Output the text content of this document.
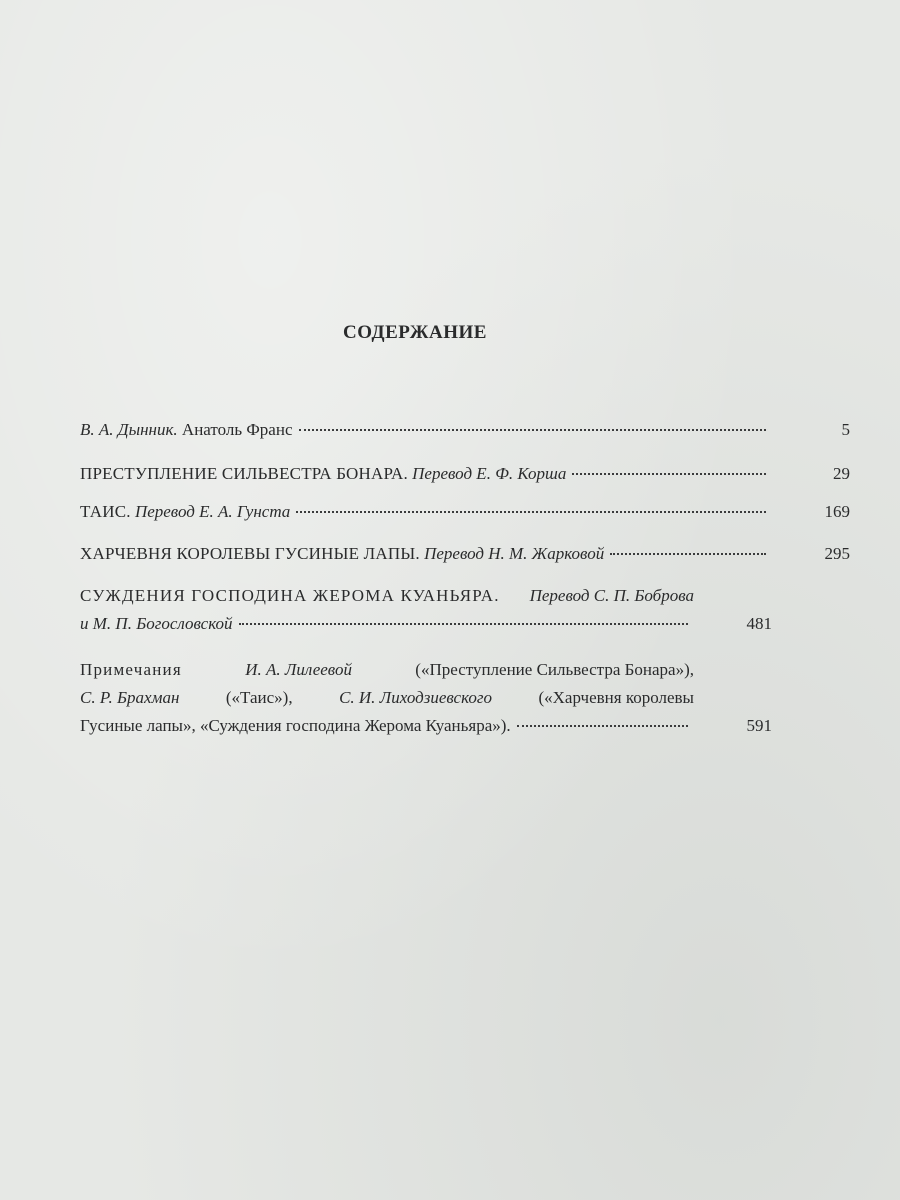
СОДЕРЖАНИЕ
В. А. Дынник. Анатоль Франс	5
ПРЕСТУПЛЕНИЕ СИЛЬВЕСТРА БОНАРА. Перевод Е. Ф. Корша	29
ТАИС. Перевод Е. А. Гунста	169
ХАРЧЕВНЯ КОРОЛЕВЫ ГУСИНЫЕ ЛАПЫ. Перевод Н. М. Жарковой	295
СУЖДЕНИЯ ГОСПОДИНА ЖЕРОМА КУАНЬЯРА. Перевод С. П. Боброва
и М. П. Богословской	481
Примечания	И. А. Лилеевой	(«Преступление Сильвестра Бонара»),
С. Р. Брахман	(«Таис»),	С. И. Лиходзиевского	(«Харчевня королевы
Гусиные лапы», «Суждения господина Жерома Куаньяра»).	591
